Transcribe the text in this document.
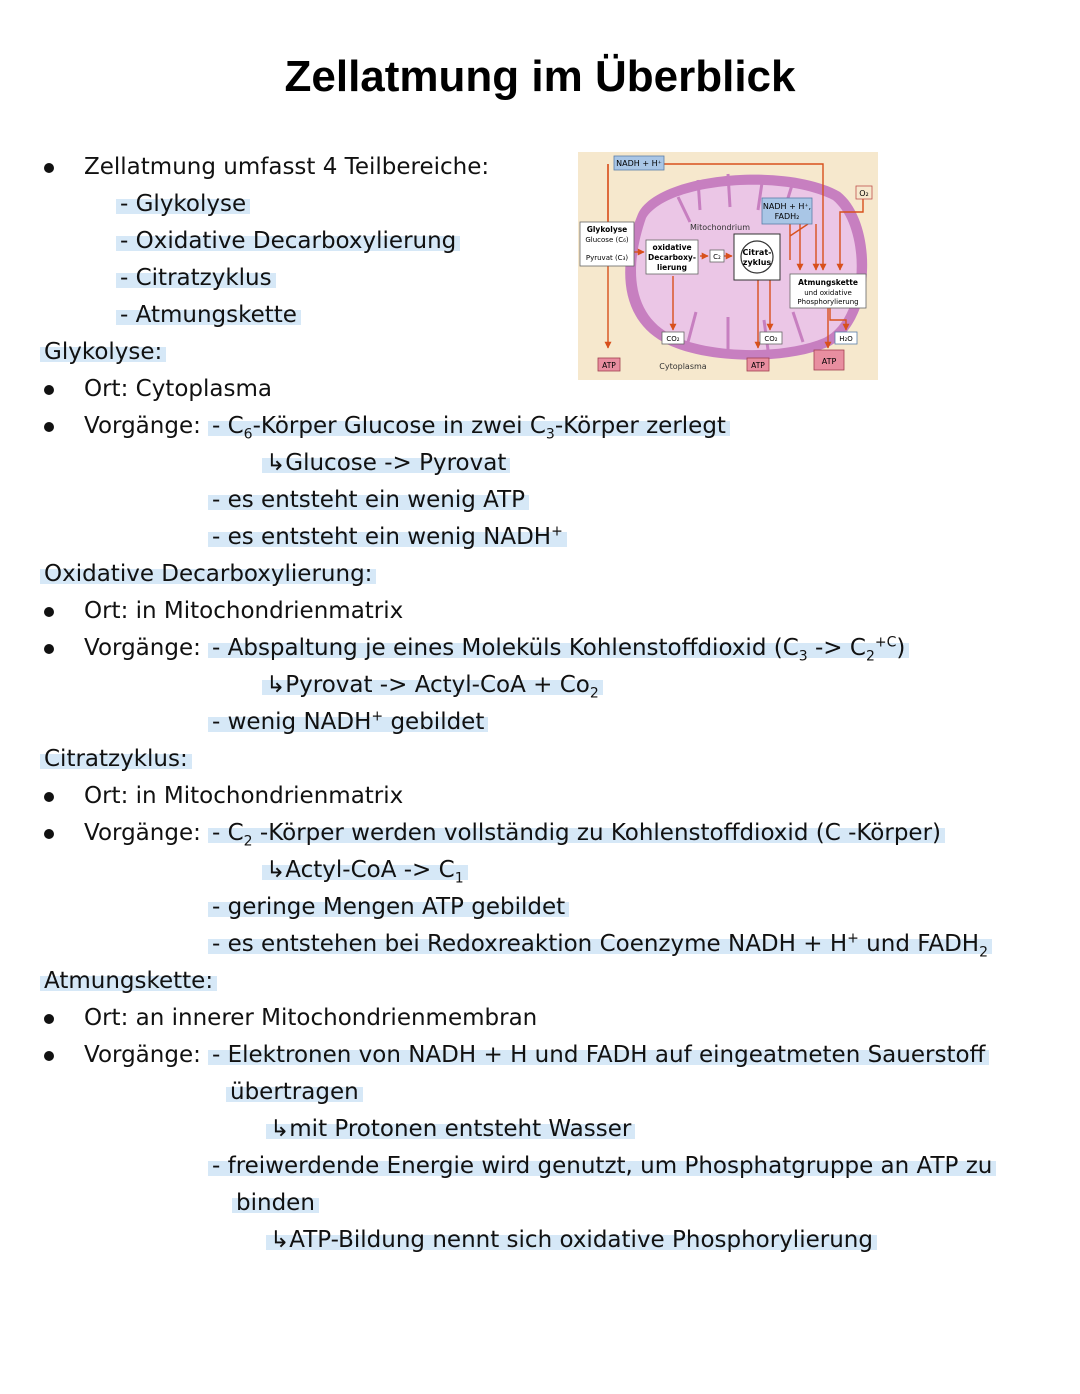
Zellatmung im Überblick
Zellatmung umfasst 4 Teilbereiche:
- Glykolyse
- Oxidative Decarboxylierung
- Citratzyklus
- Atmungskette
Glykolyse:
Ort: Cytoplasma
Vorgänge: - $C_6$-Körper Glucose in zwei $C_3$-Körper zerlegt
↳Glucose -> Pyrovat
- es entsteht ein wenig ATP
- es entsteht ein wenig NADH+
Oxidative Decarboxylierung:
Ort: in Mitochondrienmatrix
Vorgänge: - Abspaltung je eines Moleküls Kohlenstoffdioxid $(C_3 -> C_2^{+C})$
↳Pyrovat -> Actyl-CoA + $Co_2$
- wenig NADH+ gebildet
Citratzyklus:
Ort: in Mitochondrienmatrix
Vorgänge: - $C_2$ -Körper werden vollständig zu Kohlenstoffdioxid (C -Körper)
↳Actyl-CoA -> $C_1$
- geringe Mengen ATP gebildet
- es entstehen bei Redoxreaktion Coenzyme NADH + H+ und $FADH_2$
Atmungskette:
Ort: an innerer Mitochondrienmembran
Vorgänge: - Elektronen von NADH + H und FADH auf eingeatmeten Sauerstoff
übertragen
↳mit Protonen entsteht Wasser
- freiwerdende Energie wird genutzt, um Phosphatgruppe an ATP zu
binden
↳ATP-Bildung nennt sich oxidative Phosphorylierung
NADH + H⁺
O₂
NADH + H⁺,
FADH₂
Mitochondrium
Glykolyse
Glucose (C₆)
Pyruvat (C₃)
oxidative
Decarboxy-
lierung
C₂	Citrat-
zyklus
Atmungskette
und oxidative
Phosphorylierung
CO₂	CO₂	H₂O
ATP	ATP	ATP
Cytoplasma
